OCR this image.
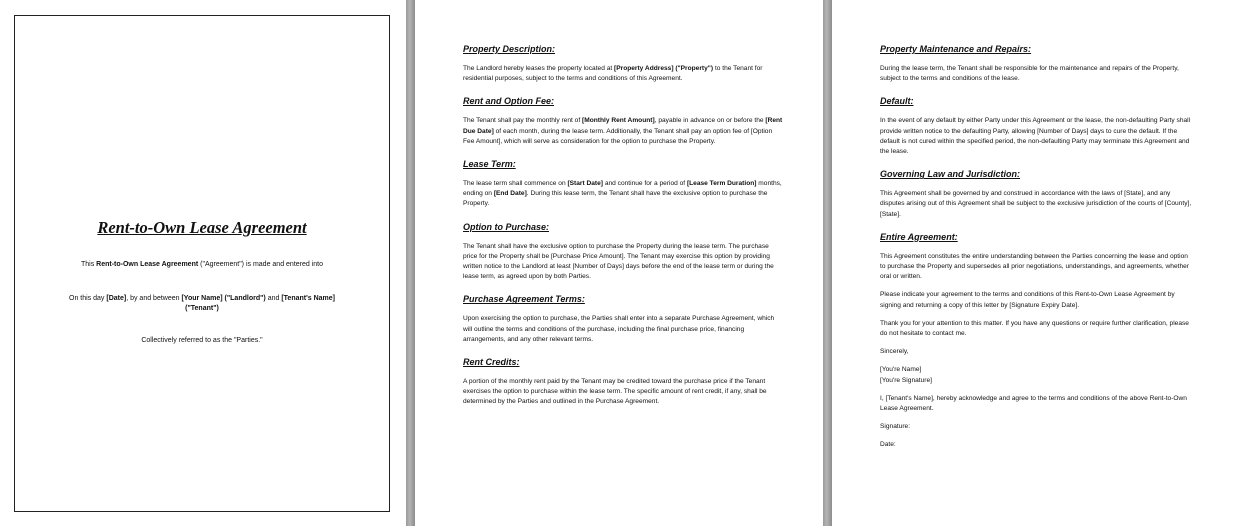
Rent-to-Own Lease Agreement
This Rent-to-Own Lease Agreement ("Agreement") is made and entered into
On this day [Date], by and between [Your Name] ("Landlord") and [Tenant's Name]
("Tenant")
Collectively referred to as the "Parties."
Property Description:
The Landlord hereby leases the property located at [Property Address] ("Property") to the Tenant for residential purposes, subject to the terms and conditions of this Agreement.
Rent and Option Fee:
The Tenant shall pay the monthly rent of [Monthly Rent Amount], payable in advance on or before the [Rent Due Date] of each month, during the lease term. Additionally, the Tenant shall pay an option fee of [Option Fee Amount], which will serve as consideration for the option to purchase the Property.
Lease Term:
The lease term shall commence on [Start Date] and continue for a period of [Lease Term Duration] months, ending on [End Date]. During this lease term, the Tenant shall have the exclusive option to purchase the Property.
Option to Purchase:
The Tenant shall have the exclusive option to purchase the Property during the lease term. The purchase price for the Property shall be [Purchase Price Amount]. The Tenant may exercise this option by providing written notice to the Landlord at least [Number of Days] days before the end of the lease term or during the lease term, as agreed upon by both Parties.
Purchase Agreement Terms:
Upon exercising the option to purchase, the Parties shall enter into a separate Purchase Agreement, which will outline the terms and conditions of the purchase, including the final purchase price, financing arrangements, and any other relevant terms.
Rent Credits:
A portion of the monthly rent paid by the Tenant may be credited toward the purchase price if the Tenant exercises the option to purchase within the lease term. The specific amount of rent credit, if any, shall be determined by the Parties and outlined in the Purchase Agreement.
Property Maintenance and Repairs:
During the lease term, the Tenant shall be responsible for the maintenance and repairs of the Property, subject to the terms and conditions of the lease.
Default:
In the event of any default by either Party under this Agreement or the lease, the non-defaulting Party shall provide written notice to the defaulting Party, allowing [Number of Days] days to cure the default. If the default is not cured within the specified period, the non-defaulting Party may terminate this Agreement and the lease.
Governing Law and Jurisdiction:
This Agreement shall be governed by and construed in accordance with the laws of [State], and any disputes arising out of this Agreement shall be subject to the exclusive jurisdiction of the courts of [County], [State].
Entire Agreement:
This Agreement constitutes the entire understanding between the Parties concerning the lease and option to purchase the Property and supersedes all prior negotiations, understandings, and agreements, whether oral or written.
Please indicate your agreement to the terms and conditions of this Rent-to-Own Lease Agreement by signing and returning a copy of this letter by [Signature Expiry Date].
Thank you for your attention to this matter. If you have any questions or require further clarification, please do not hesitate to contact me.
Sincerely,
[You're Name]
[You're Signature]
I, [Tenant's Name], hereby acknowledge and agree to the terms and conditions of the above Rent-to-Own Lease Agreement.
Signature:
Date:
